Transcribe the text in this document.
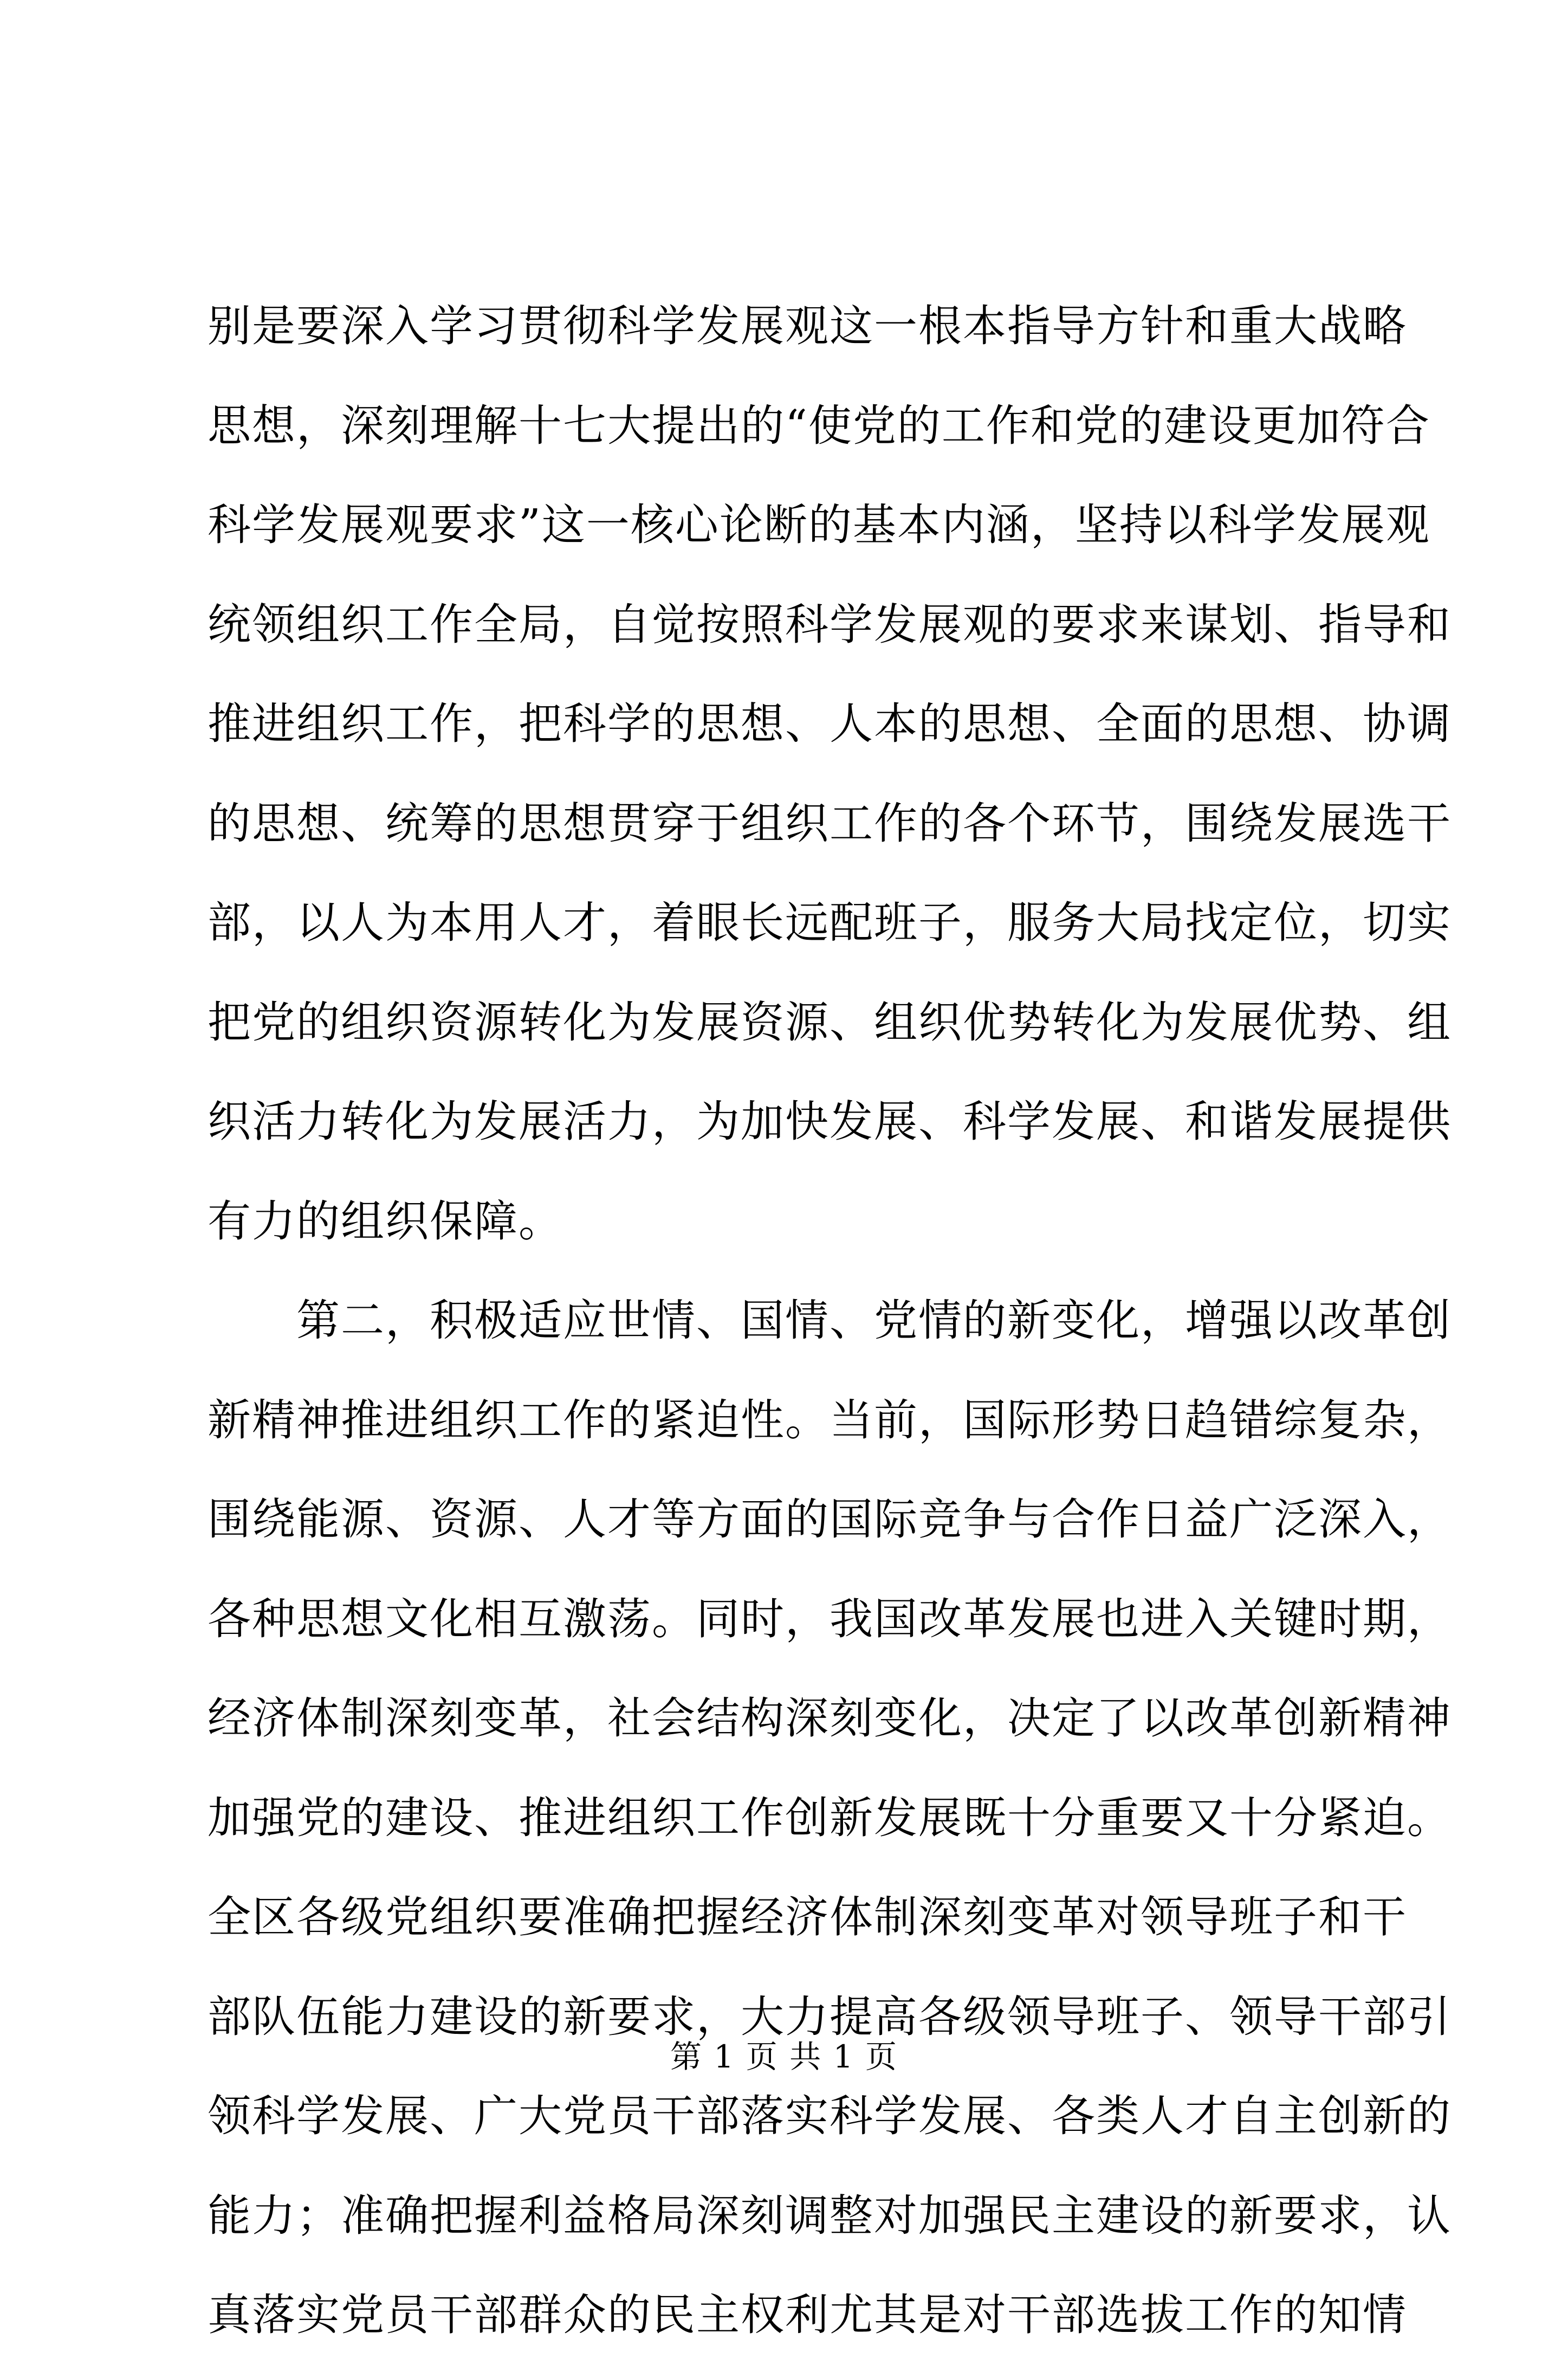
别是要深入学习贯彻科学发展观这一根本指导方针和重大战略
思想，深刻理解十七大提出的“使党的工作和党的建设更加符合
科学发展观要求”这一核心论断的基本内涵，坚持以科学发展观
统领组织工作全局，自觉按照科学发展观的要求来谋划、指导和
推进组织工作，把科学的思想、人本的思想、全面的思想、协调
的思想、统筹的思想贯穿于组织工作的各个环节，围绕发展选干
部，以人为本用人才，着眼长远配班子，服务大局找定位，切实
把党的组织资源转化为发展资源、组织优势转化为发展优势、组
织活力转化为发展活力，为加快发展、科学发展、和谐发展提供
有力的组织保障。
　　第二，积极适应世情、国情、党情的新变化，增强以改革创
新精神推进组织工作的紧迫性。当前，国际形势日趋错综复杂，
围绕能源、资源、人才等方面的国际竞争与合作日益广泛深入，
各种思想文化相互激荡。同时，我国改革发展也进入关键时期，
经济体制深刻变革，社会结构深刻变化，决定了以改革创新精神
加强党的建设、推进组织工作创新发展既十分重要又十分紧迫。
全区各级党组织要准确把握经济体制深刻变革对领导班子和干
部队伍能力建设的新要求，大力提高各级领导班子、领导干部引
领科学发展、广大党员干部落实科学发展、各类人才自主创新的
能力；准确把握利益格局深刻调整对加强民主建设的新要求，认
真落实党员干部群众的民主权利尤其是对干部选拔工作的知情
第 1 页 共 1 页
